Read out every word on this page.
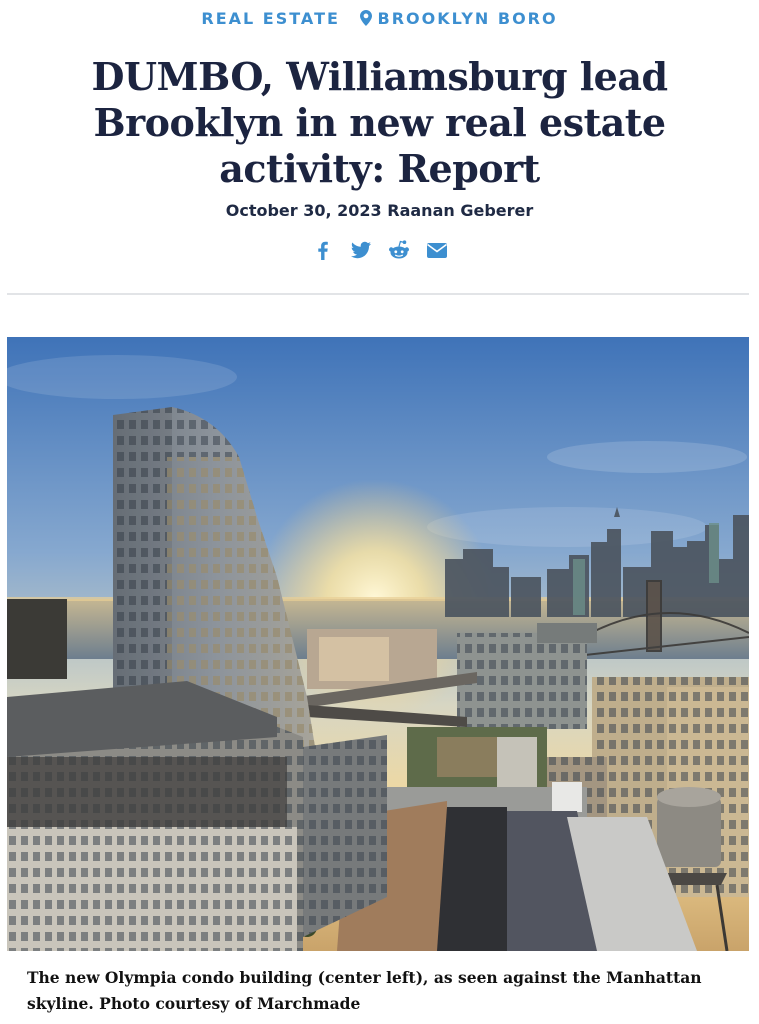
REAL ESTATE BROOKLYN BORO
DUMBO, Williamsburg lead Brooklyn in new real estate activity: Report
October 30, 2023 Raanan Geberer
The new Olympia condo building (center left), as seen against the Manhattan skyline. Photo courtesy of Marchmade
